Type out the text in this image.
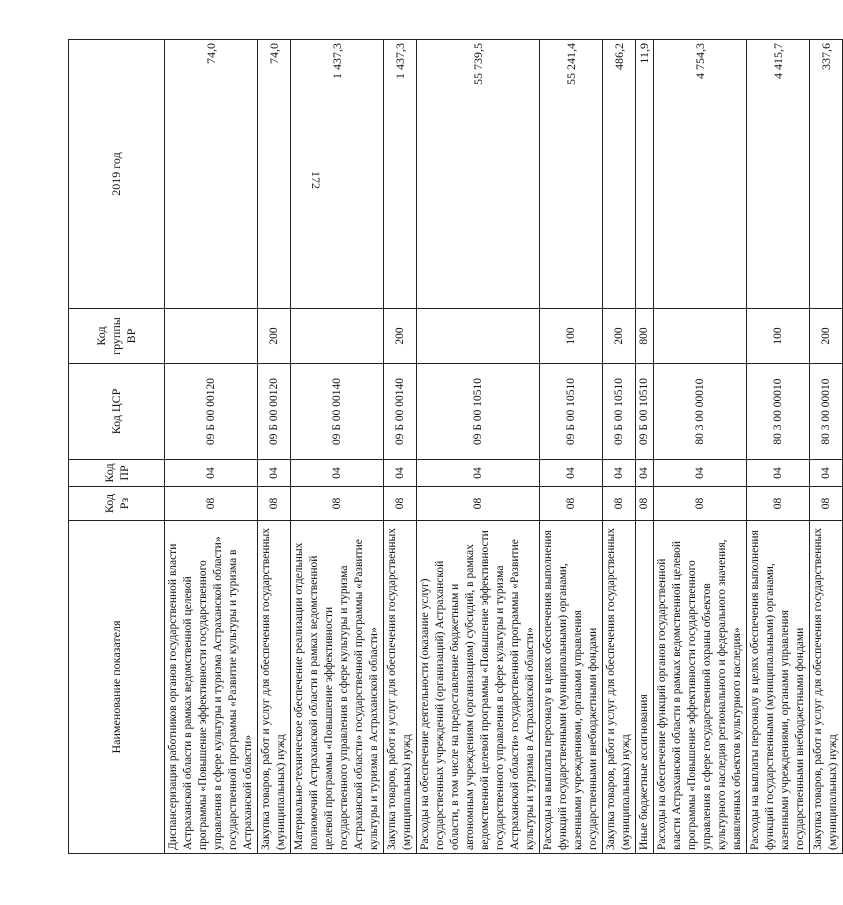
172
Наименование показателя	Код Рз	Код ПР	Код ЦСР	Код группы ВР	2019 год
Диспансеризация работников органов государственной власти Астраханской области в рамках ведомственной целевой программы «Повышение эффективности государственного управления в сфере культуры и туризма Астраханской области» государственной программы «Развитие культуры и туризма в Астраханской области»	08	04	09 Б 00 00120		74,0
Закупка товаров, работ и услуг для обеспечения государственных (муниципальных) нужд	08	04	09 Б 00 00120	200	74,0
Материально-техническое обеспечение реализации отдельных полномочий Астраханской области в рамках ведомственной целевой программы «Повышение эффективности государственного управления в сфере культуры и туризма Астраханской области» государственной программы «Развитие культуры и туризма в Астраханской области»	08	04	09 Б 00 00140		1 437,3
Закупка товаров, работ и услуг для обеспечения государственных (муниципальных) нужд	08	04	09 Б 00 00140	200	1 437,3
Расходы на обеспечение деятельности (оказание услуг) государственных учреждений (организаций) Астраханской области, в том числе на предоставление бюджетным и автономным учреждениям (организациям) субсидий, в рамках ведомственной целевой программы «Повышение эффективности государственного управления в сфере культуры и туризма Астраханской области» государственной программы «Развитие культуры и туризма в Астраханской области»	08	04	09 Б 00 10510		55 739,5
Расходы на выплаты персоналу в целях обеспечения выполнения функций государственными (муниципальными) органами, казенными учреждениями, органами управления государственными внебюджетными фондами	08	04	09 Б 00 10510	100	55 241,4
Закупка товаров, работ и услуг для обеспечения государственных (муниципальных) нужд	08	04	09 Б 00 10510	200	486,2
Иные бюджетные ассигнования	08	04	09 Б 00 10510	800	11,9
Расходы на обеспечение функций органов государственной власти Астраханской области в рамках ведомственной целевой программы «Повышение эффективности государственного управления в сфере государственной охраны объектов культурного наследия регионального и федерального значения, выявленных объектов культурного наследия»	08	04	80 3 00 00010		4 754,3
Расходы на выплаты персоналу в целях обеспечения выполнения функций государственными (муниципальными) органами, казенными учреждениями, органами управления государственными внебюджетными фондами	08	04	80 3 00 00010	100	4 415,7
Закупка товаров, работ и услуг для обеспечения государственных (муниципальных) нужд	08	04	80 3 00 00010	200	337,6
